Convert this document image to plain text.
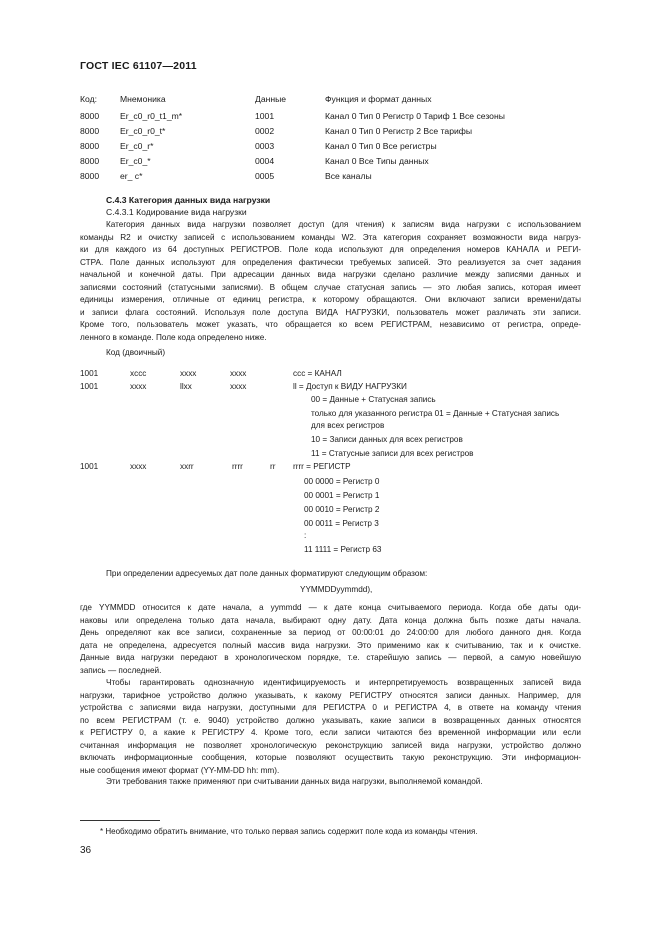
ГОСТ IEC 61107—2011
Код:	Мнемоника	Данные	Функция и формат данных
8000 Er_c0_r0_t1_m*	1001	Канал 0 Тип 0 Регистр 0 Тариф 1 Все сезоны
8000 Er_c0_r0_t*	0002	Канал 0 Тип 0 Регистр 2 Все тарифы
8000 Er_c0_r*	0003	Канал 0 Тип 0 Все регистры
8000 Er_c0_*	0004	Канал 0 Все Типы данных
8000 er_ c*	0005	Все каналы
С.4.3 Категория данных вида нагрузки
С.4.3.1 Кодирование вида нагрузки
Категория данных вида нагрузки позволяет доступ (для чтения) к записям вида нагрузки с использованием
команды R2 и очистку записей с использованием команды W2. Эта категория сохраняет возможности вида нагруз-
ки для каждого из 64 доступных РЕГИСТРОВ. Поле кода используют для определения номеров КАНАЛА и РЕГИ-
СТРА. Поле данных используют для определения фактически требуемых записей. Это реализуется за счет задания
начальной и конечной даты. При адресации данных вида нагрузки сделано различие между записями данных и
записями состояний (статусными записями). В общем случае статусная запись — это любая запись, которая имеет
единицы измерения, отличные от единиц регистра, к которому обращаются. Они включают записи времени/даты
и записи флага состояний. Используя поле доступа ВИДА НАГРУЗКИ, пользователь может различать эти записи.
Кроме того, пользователь может указать, что обращается ко всем РЕГИСТРАМ, независимо от регистра, опреде-
ленного в команде. Поле кода определено ниже.
Код (двоичный)
1001	xccc	xxxx	xxxx	ccc = КАНАЛ
1001	xxxx	llxx	xxxx	ll = Доступ к ВИДУ НАГРУЗКИ
00 = Данные + Статусная запись
только для указанного регистра 01 = Данные + Статусная запись
для всех регистров
10 = Записи данных для всех регистров
11 = Статусные записи для всех регистров
1001	xxxx	xxrr	rrrr	rr rrrr = РЕГИСТР
00 0000 = Регистр 0
00 0001 = Регистр 1
00 0010 = Регистр 2
00 0011 = Регистр 3
:
11 1111 = Регистр 63
При определении адресуемых дат поле данных форматируют следующим образом:
YYMMDDyymmdd),
где YYMMDD относится к дате начала, а yymmdd — к дате конца считываемого периода. Когда обе даты оди-
наковы или определена только дата начала, выбирают одну дату. Дата конца должна быть позже даты начала.
День определяют как все записи, сохраненные за период от 00:00:01 до 24:00:00 для любого данного дня. Когда
дата не определена, адресуется полный массив вида нагрузки. Это применимо как к считыванию, так и к очистке.
Данные вида нагрузки передают в хронологическом порядке, т.е. старейшую запись — первой, а самую новейшую
запись — последней.
Чтобы гарантировать однозначную идентифицируемость и интерпретируемость возвращенных записей вида
нагрузки, тарифное устройство должно указывать, к какому РЕГИСТРУ относятся записи данных. Например, для
устройства с записями вида нагрузки, доступными для РЕГИСТРА 0 и РЕГИСТРА 4, в ответе на команду чтения
по всем РЕГИСТРАМ (т. е. 9040) устройство должно указывать, какие записи в возвращенных данных относятся
к РЕГИСТРУ 0, а какие к РЕГИСТРУ 4. Кроме того, если записи читаются без временной информации или если
считанная информация не позволяет хронологическую реконструкцию записей вида нагрузки, устройство должно
включать информационные сообщения, которые позволяют осуществить такую реконструкцию. Эти информацион-
ные сообщения имеют формат (YY-MM-DD hh: mm).
Эти требования также применяют при считывании данных вида нагрузки, выполняемой командой.
* Необходимо обратить внимание, что только первая запись содержит поле кода из команды чтения.
36
